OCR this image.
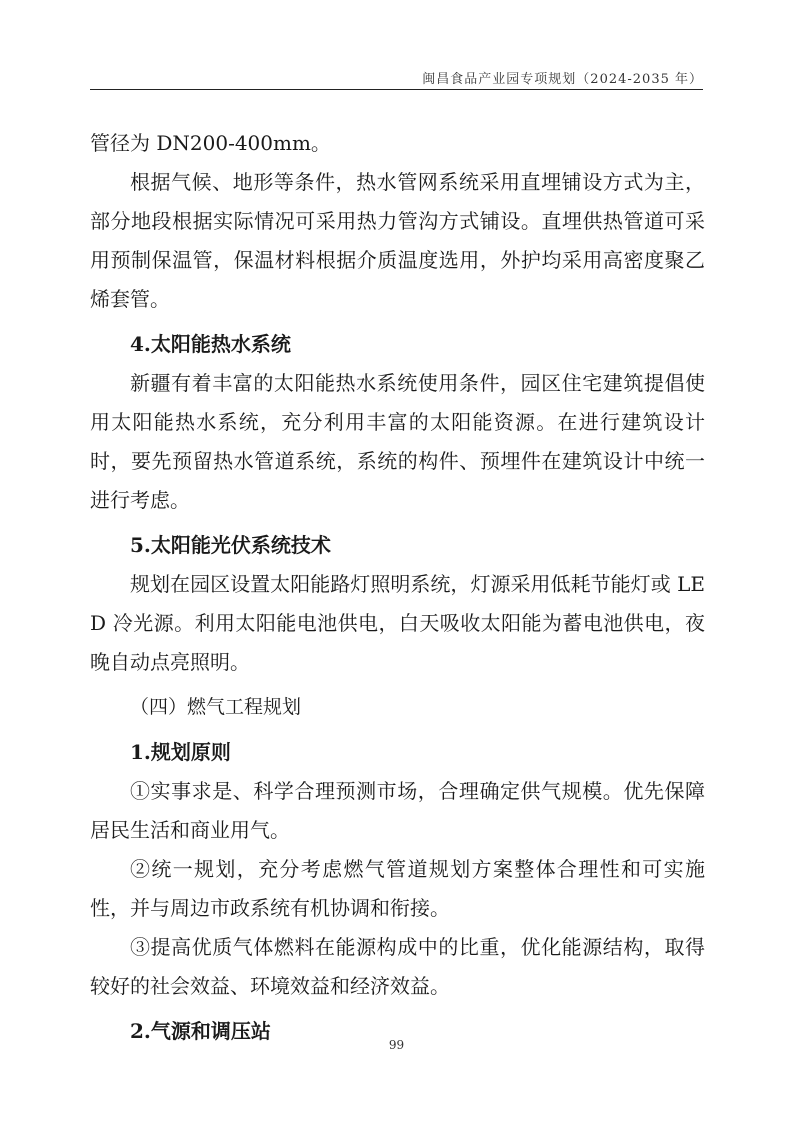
闽昌食品产业园专项规划（2024-2035 年）

管径为 DN200-400mm。

根据气候、地形等条件，热水管网系统采用直埋铺设方式为主，部分地段根据实际情况可采用热力管沟方式铺设。直埋供热管道可采用预制保温管，保温材料根据介质温度选用，外护均采用高密度聚乙烯套管。

4.太阳能热水系统

新疆有着丰富的太阳能热水系统使用条件，园区住宅建筑提倡使用太阳能热水系统，充分利用丰富的太阳能资源。在进行建筑设计时，要先预留热水管道系统，系统的构件、预埋件在建筑设计中统一进行考虑。

5.太阳能光伏系统技术

规划在园区设置太阳能路灯照明系统，灯源采用低耗节能灯或 LED 冷光源。利用太阳能电池供电，白天吸收太阳能为蓄电池供电，夜晚自动点亮照明。

（四）燃气工程规划

1.规划原则

①实事求是、科学合理预测市场，合理确定供气规模。优先保障居民生活和商业用气。

②统一规划，充分考虑燃气管道规划方案整体合理性和可实施性，并与周边市政系统有机协调和衔接。

③提高优质气体燃料在能源构成中的比重，优化能源结构，取得较好的社会效益、环境效益和经济效益。

2.气源和调压站

99
